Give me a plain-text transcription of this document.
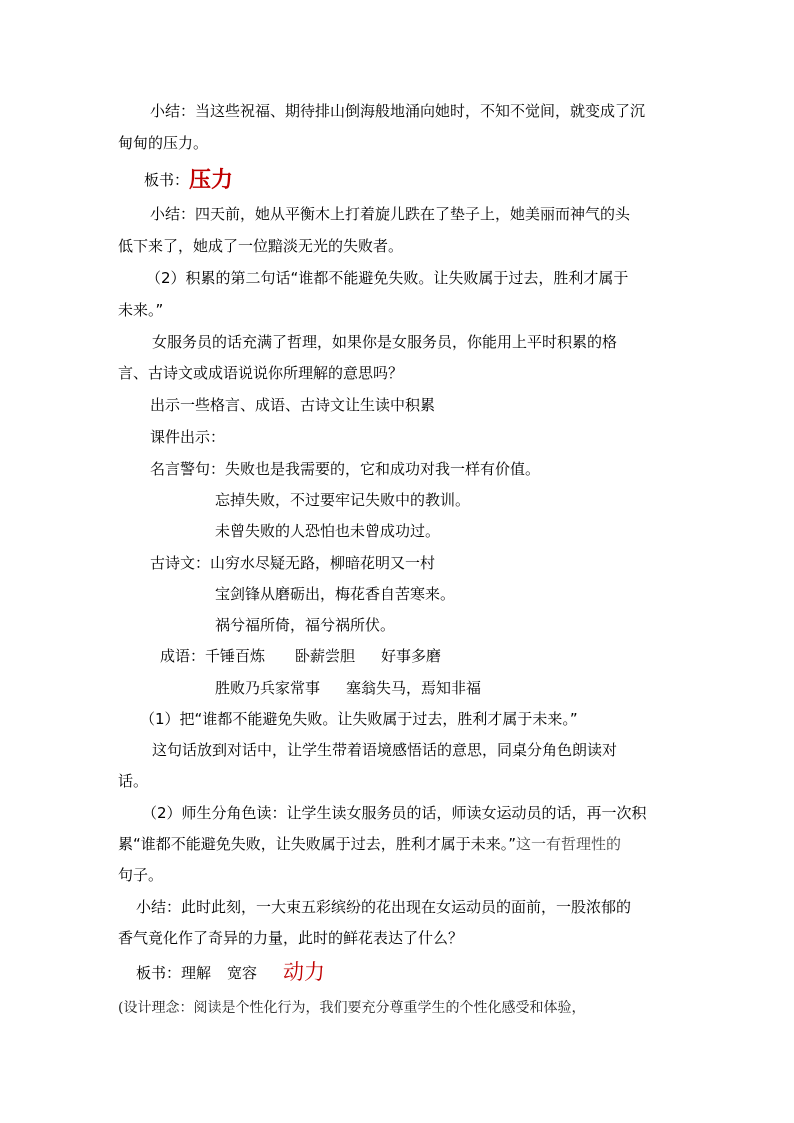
小结：当这些祝福、期待排山倒海般地涌向她时，不知不觉间，就变成了沉
甸甸的压力。
板书：压力
小结：四天前，她从平衡木上打着旋儿跌在了垫子上，她美丽而神气的头
低下来了，她成了一位黯淡无光的失败者。
（2）积累的第二句话“谁都不能避免失败。让失败属于过去，胜利才属于
未来。”
女服务员的话充满了哲理，如果你是女服务员，你能用上平时积累的格
言、古诗文或成语说说你所理解的意思吗？
出示一些格言、成语、古诗文让生读中积累
课件出示：
名言警句：失败也是我需要的，它和成功对我一样有价值。
忘掉失败，不过要牢记失败中的教训。
未曾失败的人恐怕也未曾成功过。
古诗文：山穷水尽疑无路，柳暗花明又一村
宝剑锋从磨砺出，梅花香自苦寒来。
祸兮福所倚，福兮祸所伏。
成语：千锤百炼 卧薪尝胆 好事多磨
胜败乃兵家常事 塞翁失马，焉知非福
（1）把“谁都不能避免失败。让失败属于过去，胜利才属于未来。”
这句话放到对话中，让学生带着语境感悟话的意思，同桌分角色朗读对
话。
（2）师生分角色读：让学生读女服务员的话，师读女运动员的话，再一次积
累“谁都不能避免失败，让失败属于过去，胜利才属于未来。”这一有哲理性的
句子。
小结：此时此刻，一大束五彩缤纷的花出现在女运动员的面前，一股浓郁的
香气竟化作了奇异的力量，此时的鲜花表达了什么？
板书：理解 宽容 动力
(设计理念：阅读是个性化行为，我们要充分尊重学生的个性化感受和体验，
